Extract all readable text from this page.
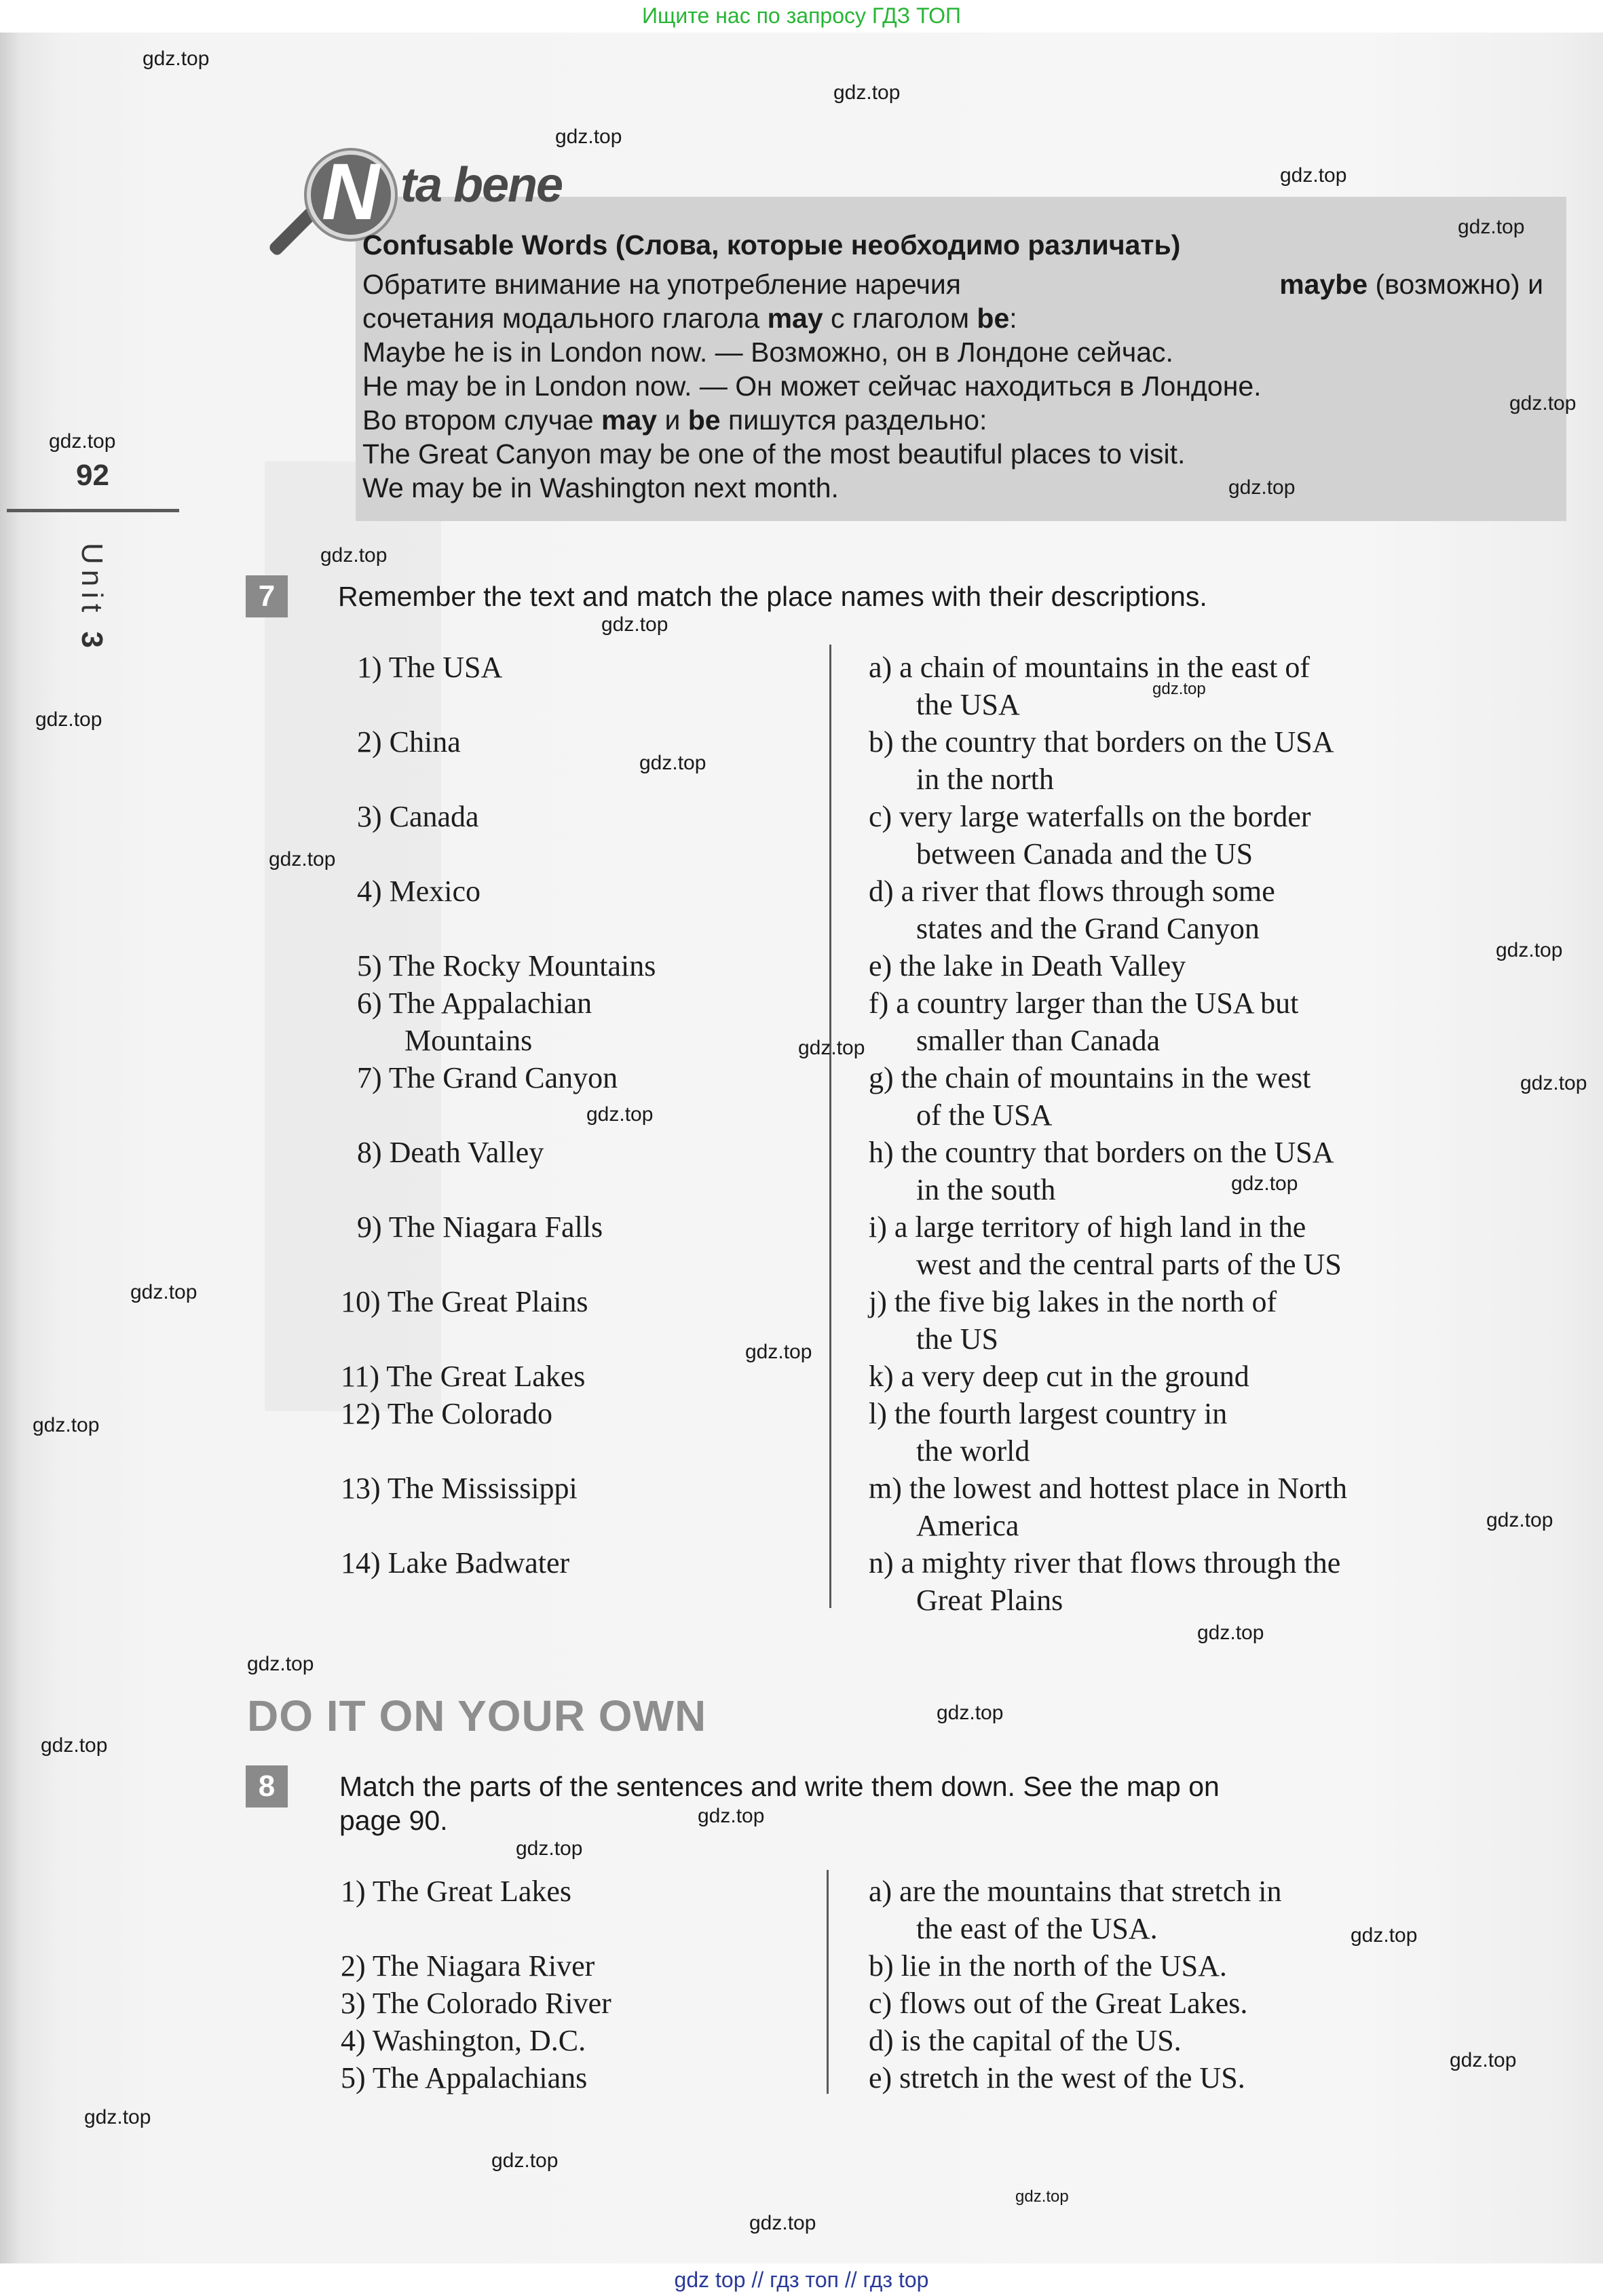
Ищите нас по запросу ГДЗ ТОП
92
Unit 3
N ta bene
Confusable Words (Слова, которые необходимо различать)
Обратите внимание на употребление наречия	maybe (возможно) и
сочетания модального глагола may с глаголом be:
Maybe he is in London now. — Возможно, он в Лондоне сейчас.
He may be in London now. — Он может сейчас находиться в Лондоне.
Во втором случае may и be пишутся раздельно:
The Great Canyon may be one of the most beautiful places to visit.
We may be in Washington next month.
7	Remember the text and match the place names with their descriptions.
1) The USA
2) China
3) Canada
4) Mexico
5) The Rocky Mountains
6) The Appalachian
Mountains
7) The Grand Canyon
8) Death Valley
9) The Niagara Falls
10) The Great Plains
11) The Great Lakes
12) The Colorado
13) The Mississippi
14) Lake Badwater
a) a chain of mountains in the east of
the USA
b) the country that borders on the USA
in the north
c) very large waterfalls on the border
between Canada and the US
d) a river that flows through some
states and the Grand Canyon
e) the lake in Death Valley
f) a country larger than the USA but
smaller than Canada
g) the chain of mountains in the west
of the USA
h) the country that borders on the USA
in the south
i) a large territory of high land in the
west and the central parts of the US
j) the five big lakes in the north of
the US
k) a very deep cut in the ground
l) the fourth largest country in
the world
m) the lowest and hottest place in North
America
n) a mighty river that flows through the
Great Plains
DO IT ON YOUR OWN
8	Match the parts of the sentences and write them down. See the map on
page 90.
1) The Great Lakes
2) The Niagara River
3) The Colorado River
4) Washington, D.C.
5) The Appalachians
a) are the mountains that stretch in
the east of the USA.
b) lie in the north of the USA.
c) flows out of the Great Lakes.
d) is the capital of the US.
e) stretch in the west of the US.
gdz.top
gdz.top
gdz.top
gdz.top
gdz.top
gdz.top
gdz.top
gdz.top
gdz.top
gdz.top
gdz.top
gdz.top
gdz.top
gdz.top
gdz.top
gdz.top
gdz.top
gdz.top
gdz.top
gdz.top
gdz.top
gdz.top
gdz.top
gdz.top
gdz.top
gdz.top
gdz.top
gdz.top
gdz.top
gdz.top
gdz.top
gdz.top
gdz.top
gdz.top
gdz.top
gdz top // гдз топ // гдз top
